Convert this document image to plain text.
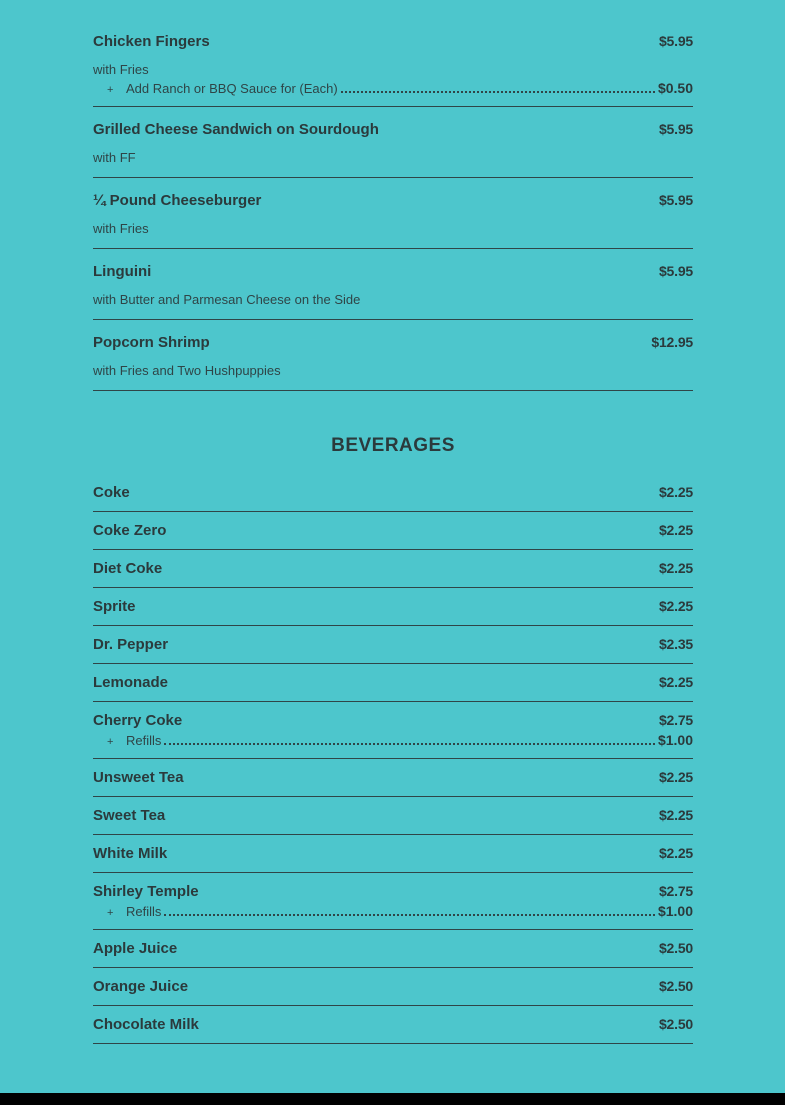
Chicken Fingers	$5.95
with Fries
+ Add Ranch or BBQ Sauce for (Each)	$0.50
Grilled Cheese Sandwich on Sourdough	$5.95
with FF
¼ Pound Cheeseburger	$5.95
with Fries
Linguini	$5.95
with Butter and Parmesan Cheese on the Side
Popcorn Shrimp	$12.95
with Fries and Two Hushpuppies
BEVERAGES
Coke	$2.25
Coke Zero	$2.25
Diet Coke	$2.25
Sprite	$2.25
Dr. Pepper	$2.35
Lemonade	$2.25
Cherry Coke	$2.75
+ Refills	$1.00
Unsweet Tea	$2.25
Sweet Tea	$2.25
White Milk	$2.25
Shirley Temple	$2.75
+ Refills	$1.00
Apple Juice	$2.50
Orange Juice	$2.50
Chocolate Milk	$2.50
